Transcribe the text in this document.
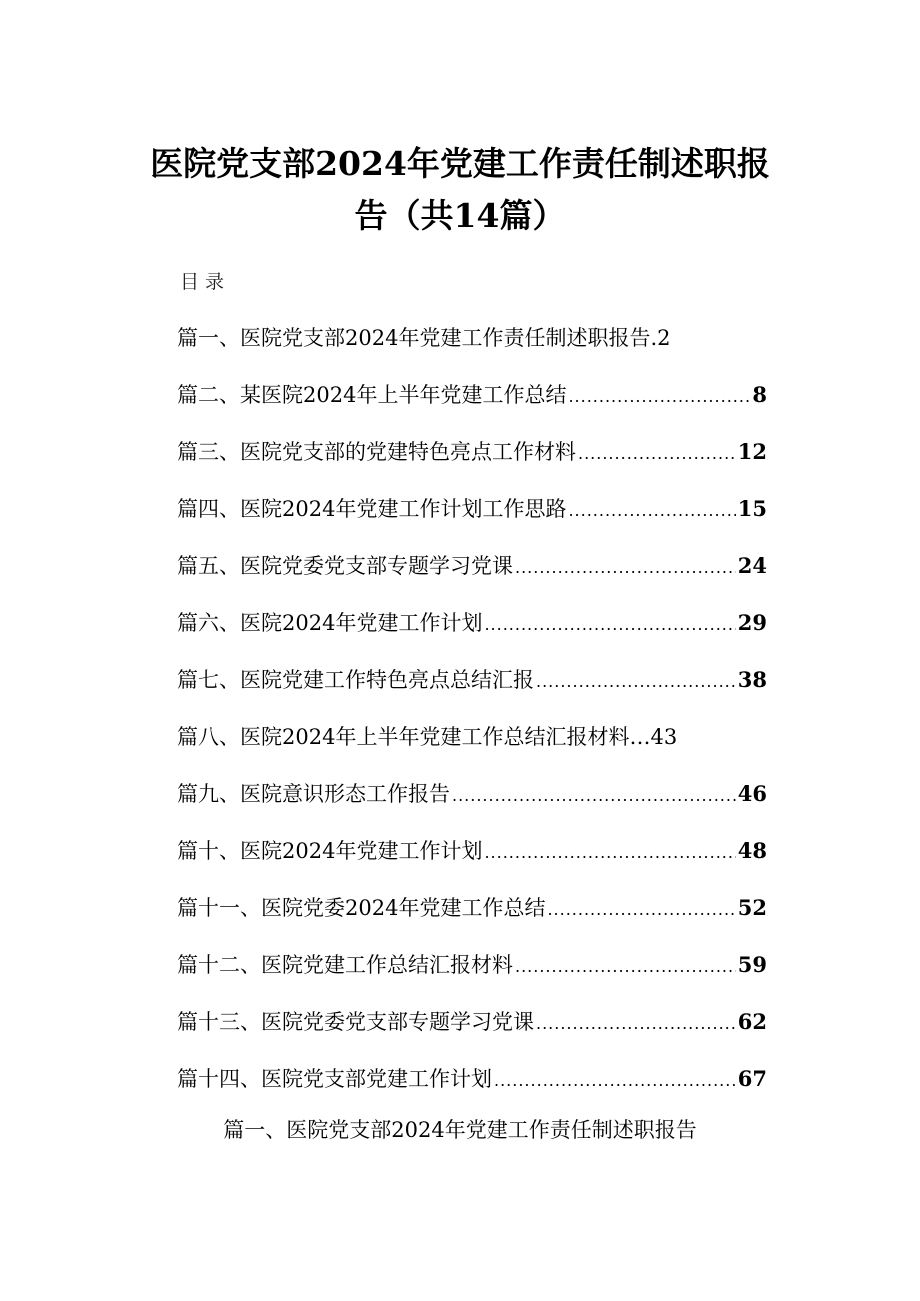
医院党支部2024年党建工作责任制述职报
告（共14篇）
目录
篇一、医院党支部2024年党建工作责任制述职报告 . 2
篇二、某医院2024年上半年党建工作总结 .....	8
篇三、医院党支部的党建特色亮点工作材料 .....	12
篇四、医院2024年党建工作计划工作思路 .....	15
篇五、医院党委党支部专题学习党课 .....	24
篇六、医院2024年党建工作计划 .....	29
篇七、医院党建工作特色亮点总结汇报 .....	38
篇八、医院2024年上半年党建工作总结汇报材料 … 43
篇九、医院意识形态工作报告 .....	46
篇十、医院2024年党建工作计划 .....	48
篇十一、医院党委2024年党建工作总结 .....	52
篇十二、医院党建工作总结汇报材料 .....	59
篇十三、医院党委党支部专题学习党课 .....	62
篇十四、医院党支部党建工作计划 .....	67
篇一、医院党支部2024年党建工作责任制述职报告
